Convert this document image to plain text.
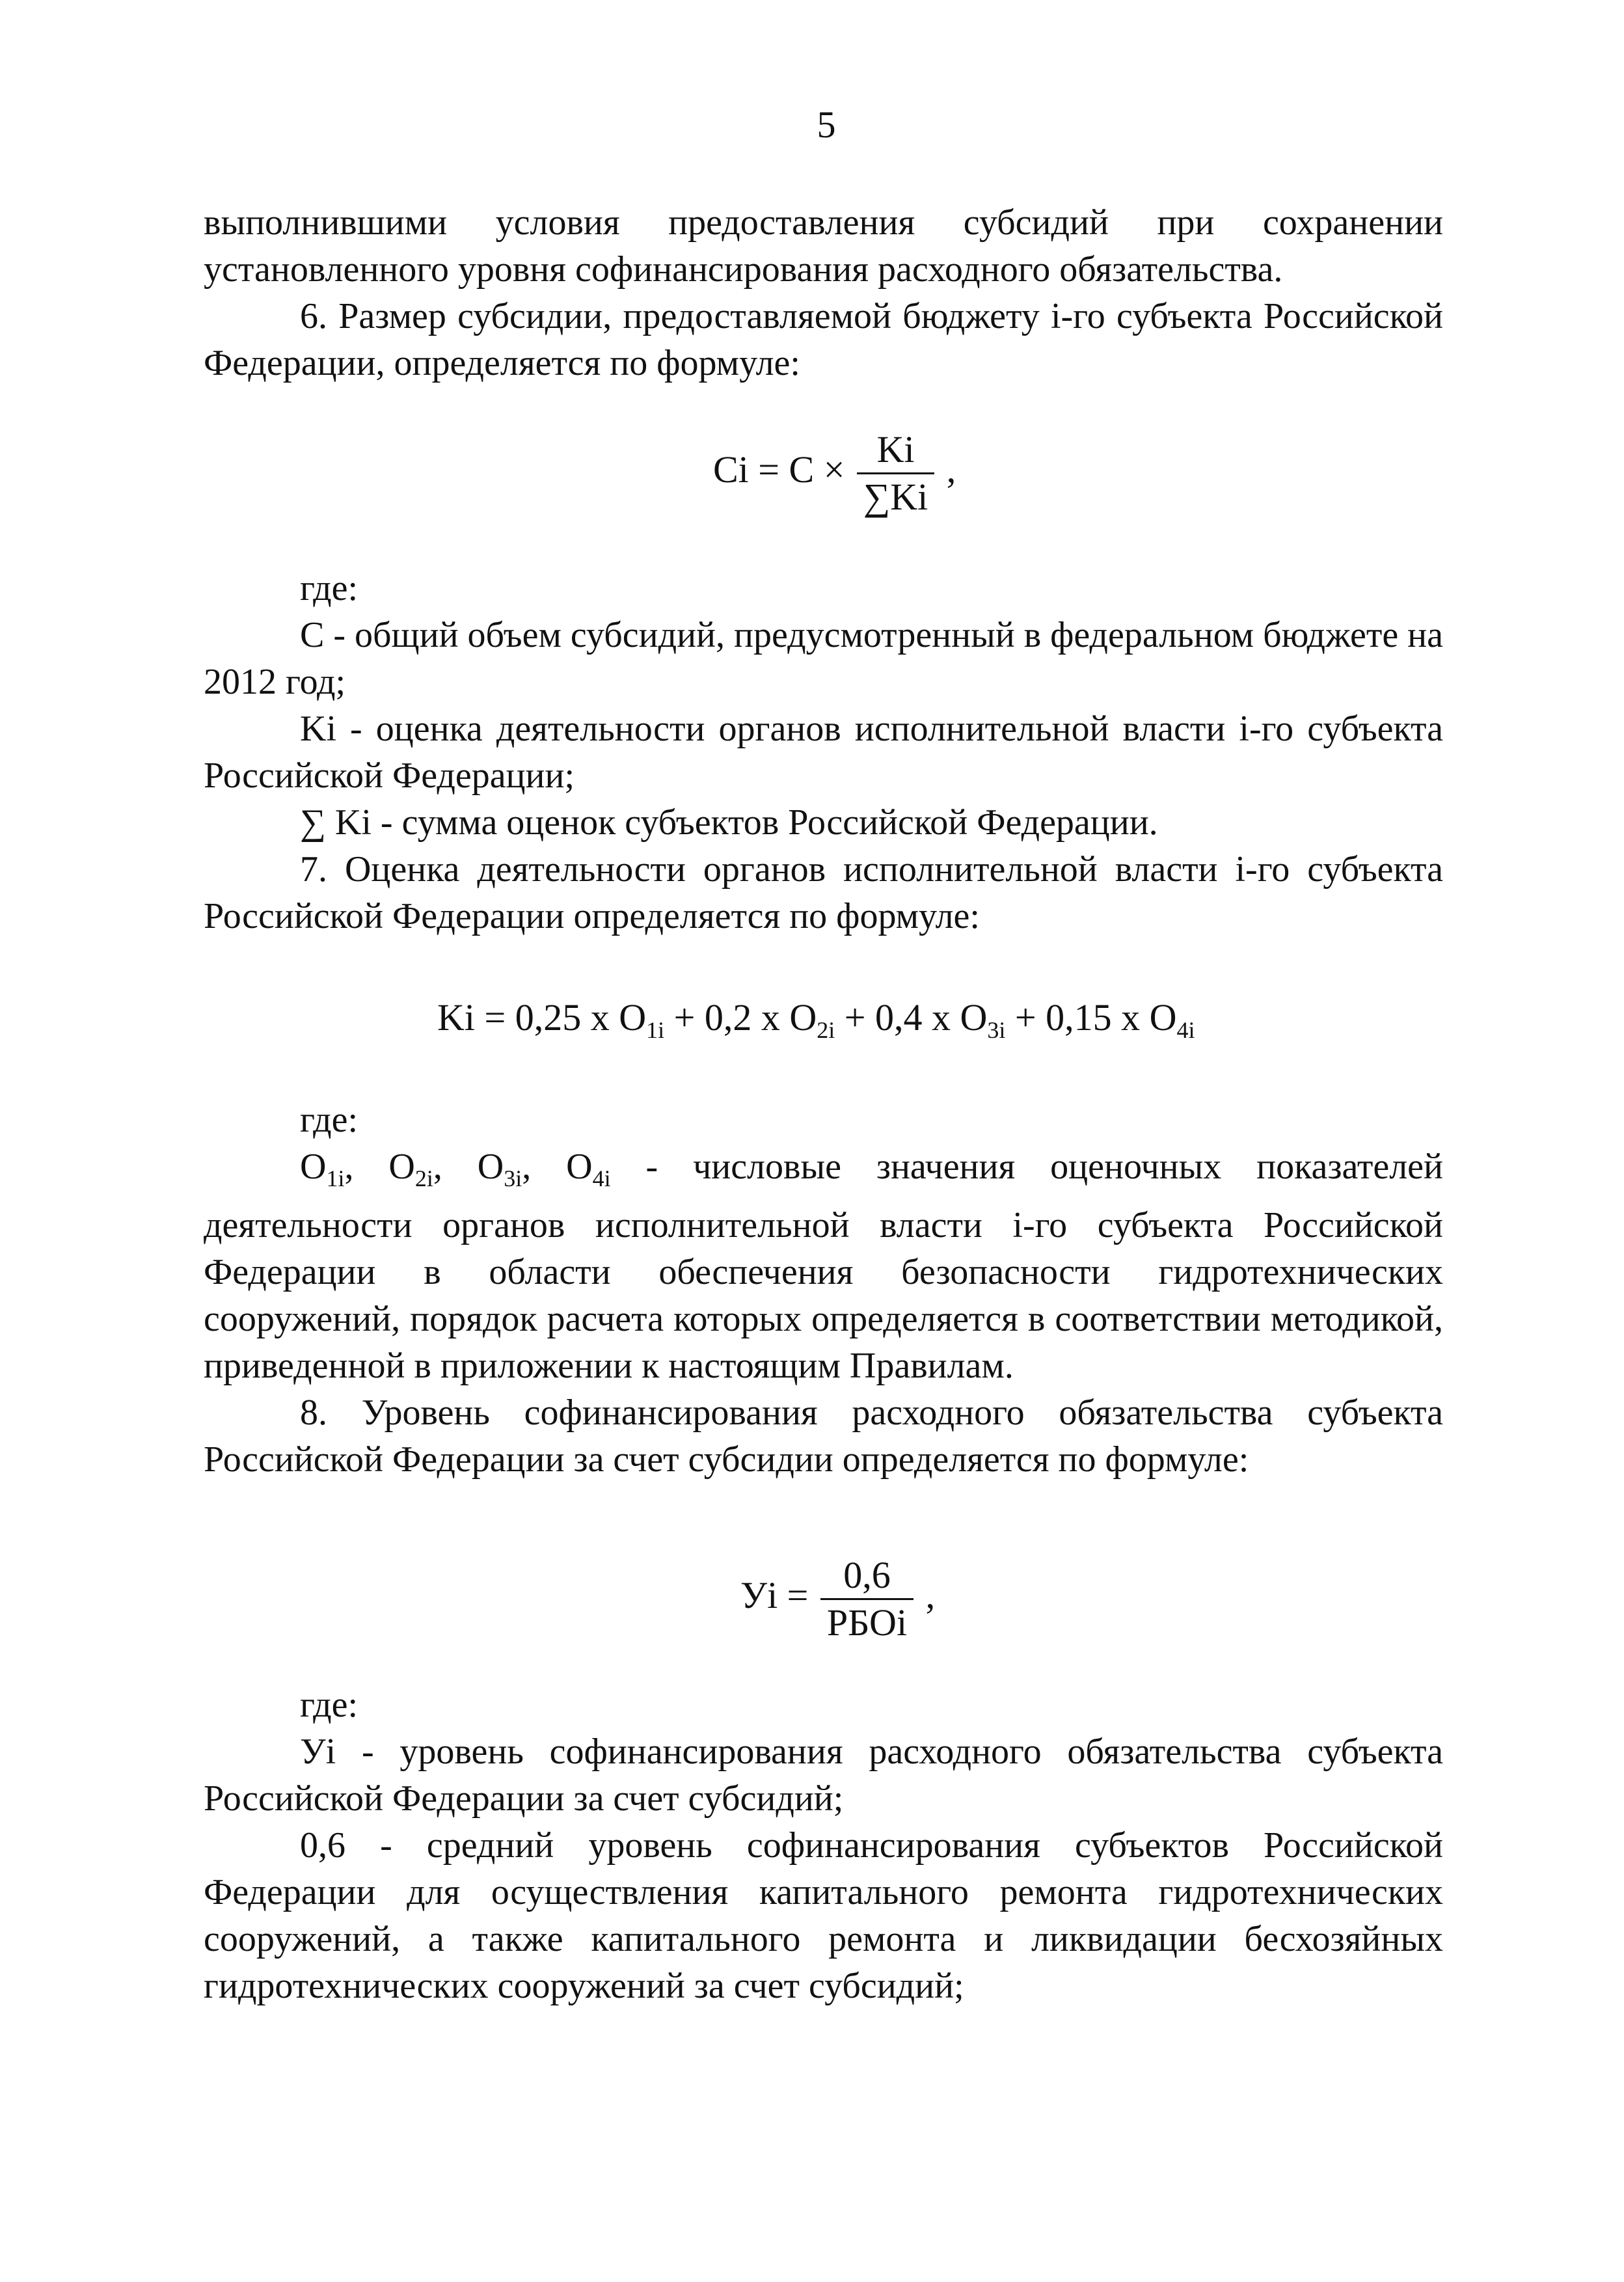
5

выполнившими условия предоставления субсидий при сохранении установленного уровня софинансирования расходного обязательства.

6. Размер субсидии, предоставляемой бюджету i-го субъекта Российской Федерации, определяется по формуле:

$Ci = C \times \frac{Ki}{\sum Ki}$ ,

где:

C - общий объем субсидий, предусмотренный в федеральном бюджете на 2012 год;

Ki - оценка деятельности органов исполнительной власти i-го субъекта Российской Федерации;

∑ Ki - сумма оценок субъектов Российской Федерации.

7. Оценка деятельности органов исполнительной власти i-го субъекта Российской Федерации определяется по формуле:

Ki = 0,25 x $O_{1i} + 0,2$ x $O_{2i} + 0,4$ x $O_{3i} + 0,15$ x $O_{4i}$

где:

$O_{1i}$, $O_{2i}$, $O_{3i}$, $O_{4i}$ - числовые значения оценочных показателей деятельности органов исполнительной власти i-го субъекта Российской Федерации в области обеспечения безопасности гидротехнических сооружений, порядок расчета которых определяется в соответствии методикой, приведенной в приложении к настоящим Правилам.

8. Уровень софинансирования расходного обязательства субъекта Российской Федерации за счет субсидии определяется по формуле:

Уi = $\frac{0,6}{\text{РБОi}}$ ,

где:

Уi - уровень софинансирования расходного обязательства субъекта Российской Федерации за счет субсидий;

0,6 - средний уровень софинансирования субъектов Российской Федерации для осуществления капитального ремонта гидротехнических сооружений, а также капитального ремонта и ликвидации бесхозяйных гидротехнических сооружений за счет субсидий;
